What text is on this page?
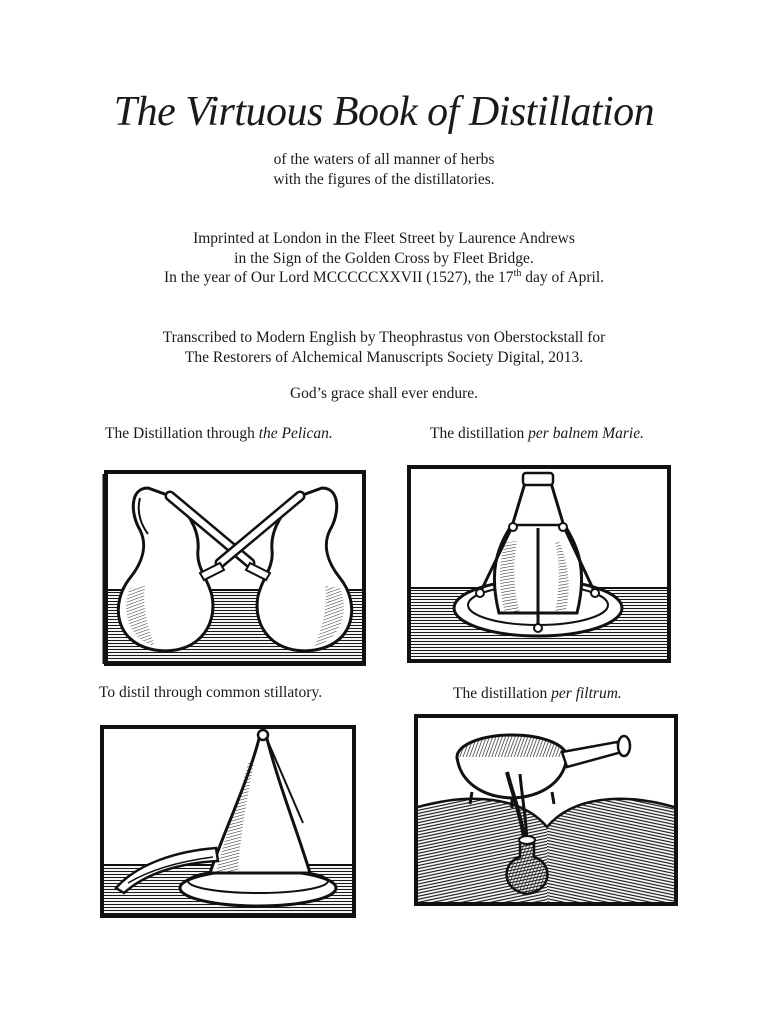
The Virtuous Book of Distillation
of the waters of all manner of herbs
with the figures of the distillatories.
Imprinted at London in the Fleet Street by Laurence Andrews
in the Sign of the Golden Cross by Fleet Bridge.
In the year of Our Lord MCCCCCXXVII (1527), the 17th day of April.
Transcribed to Modern English by Theophrastus von Oberstockstall for
The Restorers of Alchemical Manuscripts Society Digital, 2013.
God’s grace shall ever endure.
The Distillation through the Pelican.	The distillation per balnem Marie.
To distil through common stillatory.	The distillation per filtrum.
